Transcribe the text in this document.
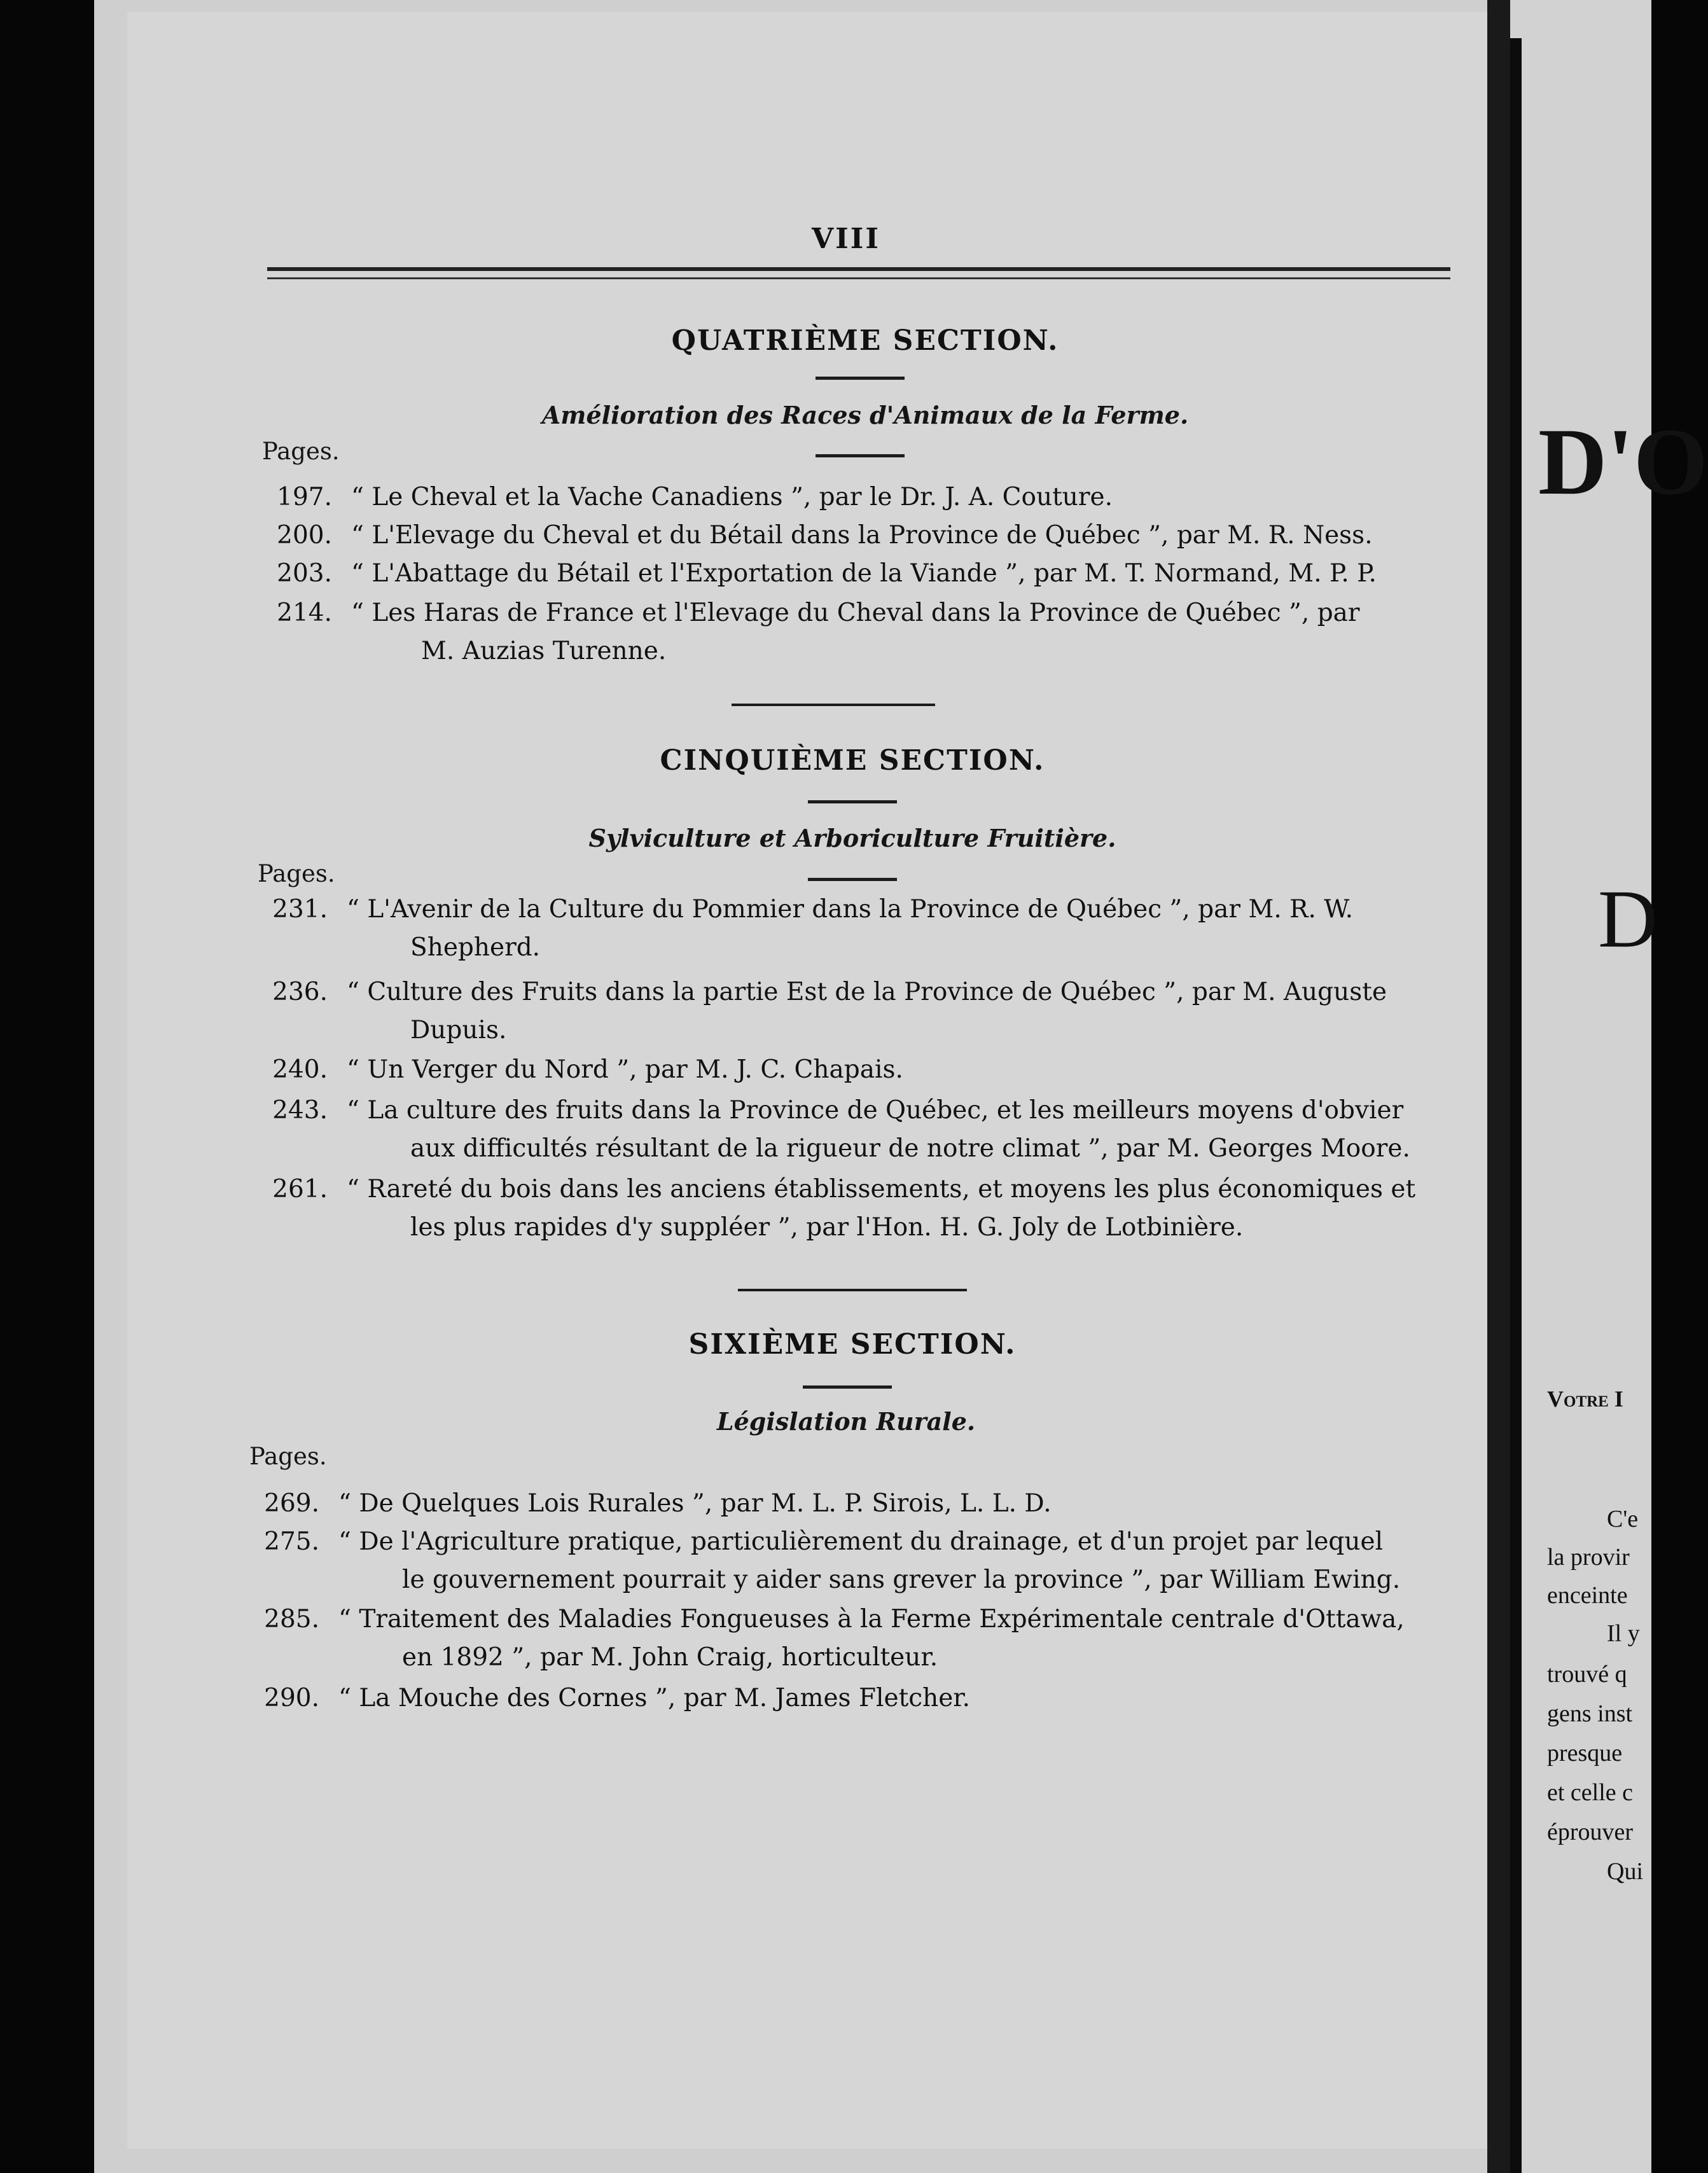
VIII
QUATRIÈME SECTION.
Amélioration des Races d'Animaux de la Ferme.
Pages.
197. “ Le Cheval et la Vache Canadiens ”, par le Dr. J. A. Couture.
200. “ L'Elevage du Cheval et du Bétail dans la Province de Québec ”, par M. R. Ness.
203. “ L'Abattage du Bétail et l'Exportation de la Viande ”, par M. T. Normand, M. P. P.
214. “ Les Haras de France et l'Elevage du Cheval dans la Province de Québec ”, par
M. Auzias Turenne.
CINQUIÈME SECTION.
Sylviculture et Arboriculture Fruitière.
Pages.
231. “ L'Avenir de la Culture du Pommier dans la Province de Québec ”, par M. R. W.
Shepherd.
236. “ Culture des Fruits dans la partie Est de la Province de Québec ”, par M. Auguste
Dupuis.
240. “ Un Verger du Nord ”, par M. J. C. Chapais.
243. “ La culture des fruits dans la Province de Québec, et les meilleurs moyens d'obvier
aux difficultés résultant de la rigueur de notre climat ”, par M. Georges Moore.
261. “ Rareté du bois dans les anciens établissements, et moyens les plus économiques et
les plus rapides d'y suppléer ”, par l'Hon. H. G. Joly de Lotbinière.
SIXIÈME SECTION.
Législation Rurale.
Pages.
269. “ De Quelques Lois Rurales ”, par M. L. P. Sirois, L. L. D.
275. “ De l'Agriculture pratique, particulièrement du drainage, et d'un projet par lequel
le gouvernement pourrait y aider sans grever la province ”, par William Ewing.
285. “ Traitement des Maladies Fongueuses à la Ferme Expérimentale centrale d'Ottawa,
en 1892 ”, par M. John Craig, horticulteur.
290. “ La Mouche des Cornes ”, par M. James Fletcher.
D'O
D
Votre I
C'e
la provir
enceinte
Il y
trouvé q
gens inst
presque
et celle c
éprouver
Qui
